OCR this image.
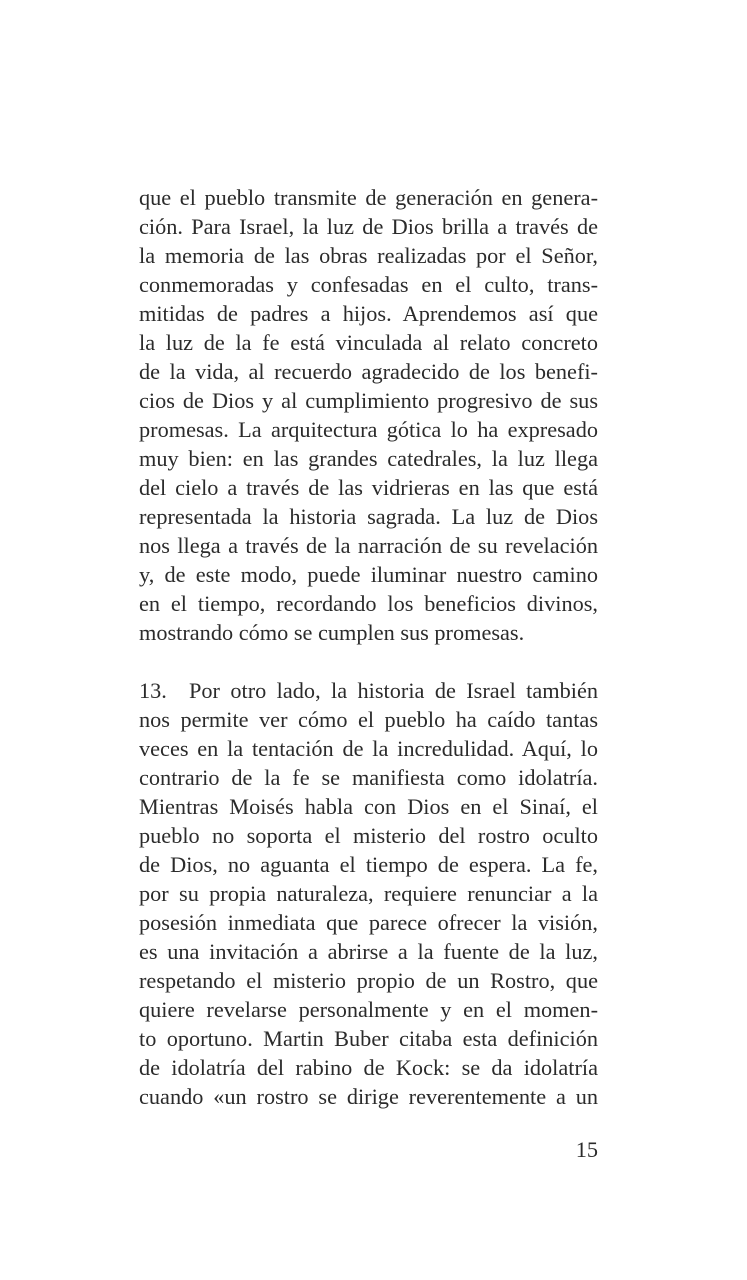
que el pueblo transmite de generación en genera-
ción. Para Israel, la luz de Dios brilla a través de
la memoria de las obras realizadas por el Señor,
conmemoradas y confesadas en el culto, trans-
mitidas de padres a hijos. Aprendemos así que
la luz de la fe está vinculada al relato concreto
de la vida, al recuerdo agradecido de los benefi-
cios de Dios y al cumplimiento progresivo de sus
promesas. La arquitectura gótica lo ha expresado
muy bien: en las grandes catedrales, la luz llega
del cielo a través de las vidrieras en las que está
representada la historia sagrada. La luz de Dios
nos llega a través de la narración de su revelación
y, de este modo, puede iluminar nuestro camino
en el tiempo, recordando los beneficios divinos,
mostrando cómo se cumplen sus promesas.
13. Por otro lado, la historia de Israel también
nos permite ver cómo el pueblo ha caído tantas
veces en la tentación de la incredulidad. Aquí, lo
contrario de la fe se manifiesta como idolatría.
Mientras Moisés habla con Dios en el Sinaí, el
pueblo no soporta el misterio del rostro oculto
de Dios, no aguanta el tiempo de espera. La fe,
por su propia naturaleza, requiere renunciar a la
posesión inmediata que parece ofrecer la visión,
es una invitación a abrirse a la fuente de la luz,
respetando el misterio propio de un Rostro, que
quiere revelarse personalmente y en el momen-
to oportuno. Martin Buber citaba esta definición
de idolatría del rabino de Kock: se da idolatría
cuando «un rostro se dirige reverentemente a un
15
